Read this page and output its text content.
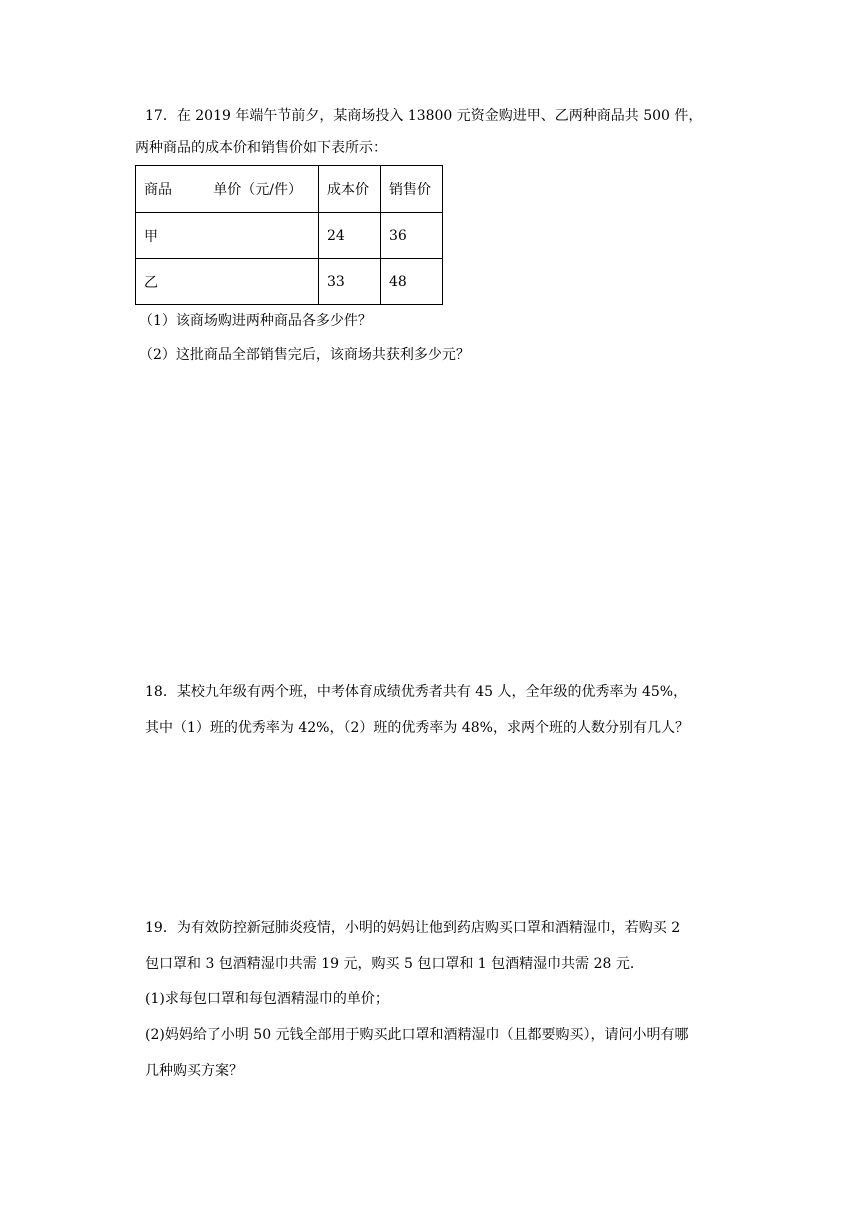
17．在 2019 年端午节前夕，某商场投入 13800 元资金购进甲、乙两种商品共 500 件，
两种商品的成本价和销售价如下表所示：
商品 单价（元/件）	成本价	销售价
甲	24	36
乙	33	48
（1）该商场购进两种商品各多少件？
（2）这批商品全部销售完后，该商场共获利多少元？
18．某校九年级有两个班，中考体育成绩优秀者共有 45 人，全年级的优秀率为 45%，
其中（1）班的优秀率为 42%，（2）班的优秀率为 48%，求两个班的人数分别有几人？
19．为有效防控新冠肺炎疫情，小明的妈妈让他到药店购买口罩和酒精湿巾，若购买 2
包口罩和 3 包酒精湿巾共需 19 元，购买 5 包口罩和 1 包酒精湿巾共需 28 元．
(1)求每包口罩和每包酒精湿巾的单价；
(2)妈妈给了小明 50 元钱全部用于购买此口罩和酒精湿巾（且都要购买），请问小明有哪
几种购买方案？
